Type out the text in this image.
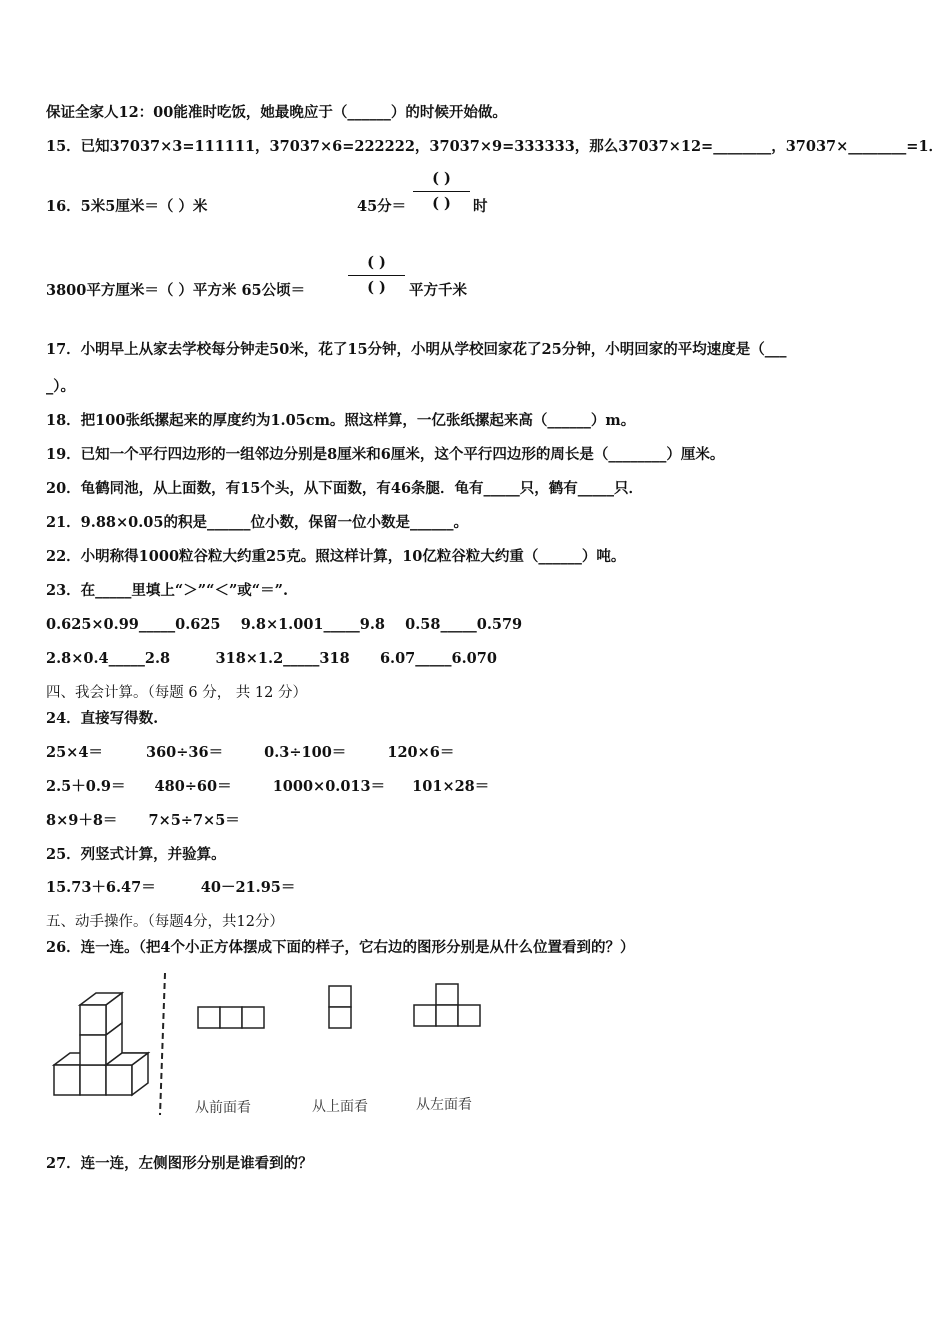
保证全家人12：00能准时吃饭，她最晚应于（______）的时候开始做。
15．已知37037×3=111111，37037×6=222222，37037×9=333333，那么37037×12=________，37037×________=1．
16．5米5厘米＝（ ）米	45分＝
( )
( )	时
3800平方厘米＝（ ）平方米 65公顷＝
( )
( )	平方千米
17．小明早上从家去学校每分钟走50米，花了15分钟，小明从学校回家花了25分钟，小明回家的平均速度是（___
_）。
18．把100张纸摞起来的厚度约为1.05cm。照这样算，一亿张纸摞起来高（______）m。
19．已知一个平行四边形的一组邻边分别是8厘米和6厘米，这个平行四边形的周长是（________）厘米。
20．龟鹤同池，从上面数，有15个头，从下面数，有46条腿．龟有_____只，鹤有_____只．
21．9.88×0.05的积是______位小数，保留一位小数是______。
22．小明称得1000粒谷粒大约重25克。照这样计算，10亿粒谷粒大约重（______）吨。
23．在_____里填上“＞”“＜”或“＝”.
0.625×0.99_____0.625    9.8×1.001_____9.8    0.58_____0.579
2.8×0.4_____2.8         318×1.2_____318      6.07_____6.070
四、我会计算。（每题 6 分， 共 12 分）
24．直接写得数.
25×4＝	360÷36＝	0.3÷100＝	120×6＝
2.5＋0.9＝ 480÷60＝	1000×0.013＝ 101×28＝
8×9＋8＝ 7×5÷7×5＝
25．列竖式计算，并验算。
15.73＋6.47＝	40－21.95＝
五、动手操作。（每题4分，共12分）
26．连一连。（把4个小正方体摆成下面的样子，它右边的图形分别是从什么位置看到的？）
从前面看	从上面看	从左面看
27．连一连，左侧图形分别是谁看到的？
